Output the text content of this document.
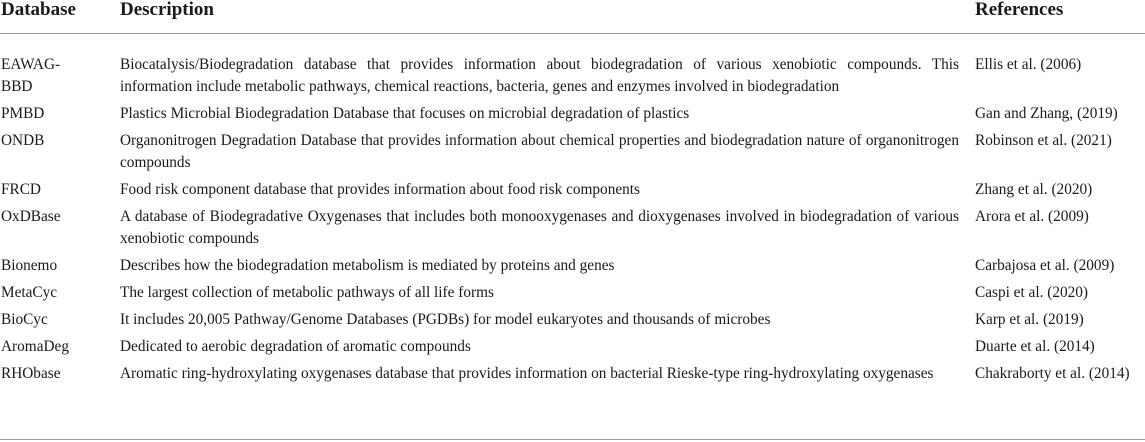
Database	Description	References
EAWAG-BBD	Biocatalysis/Biodegradation database that provides information about biodegradation of various xenobiotic compounds. This information include metabolic pathways, chemical reactions, bacteria, genes and enzymes involved in biodegradation	Ellis et al. (2006)
PMBD	Plastics Microbial Biodegradation Database that focuses on microbial degradation of plastics	Gan and Zhang, (2019)
ONDB	Organonitrogen Degradation Database that provides information about chemical properties and biodegradation nature of organonitrogen compounds	Robinson et al. (2021)
FRCD	Food risk component database that provides information about food risk components	Zhang et al. (2020)
OxDBase	A database of Biodegradative Oxygenases that includes both monooxygenases and dioxygenases involved in biodegradation of various xenobiotic compounds	Arora et al. (2009)
Bionemo	Describes how the biodegradation metabolism is mediated by proteins and genes	Carbajosa et al. (2009)
MetaCyc	The largest collection of metabolic pathways of all life forms	Caspi et al. (2020)
BioCyc	It includes 20,005 Pathway/Genome Databases (PGDBs) for model eukaryotes and thousands of microbes	Karp et al. (2019)
AromaDeg	Dedicated to aerobic degradation of aromatic compounds	Duarte et al. (2014)
RHObase	Aromatic ring-hydroxylating oxygenases database that provides information on bacterial Rieske-type ring-hydroxylating oxygenases	Chakraborty et al. (2014)
